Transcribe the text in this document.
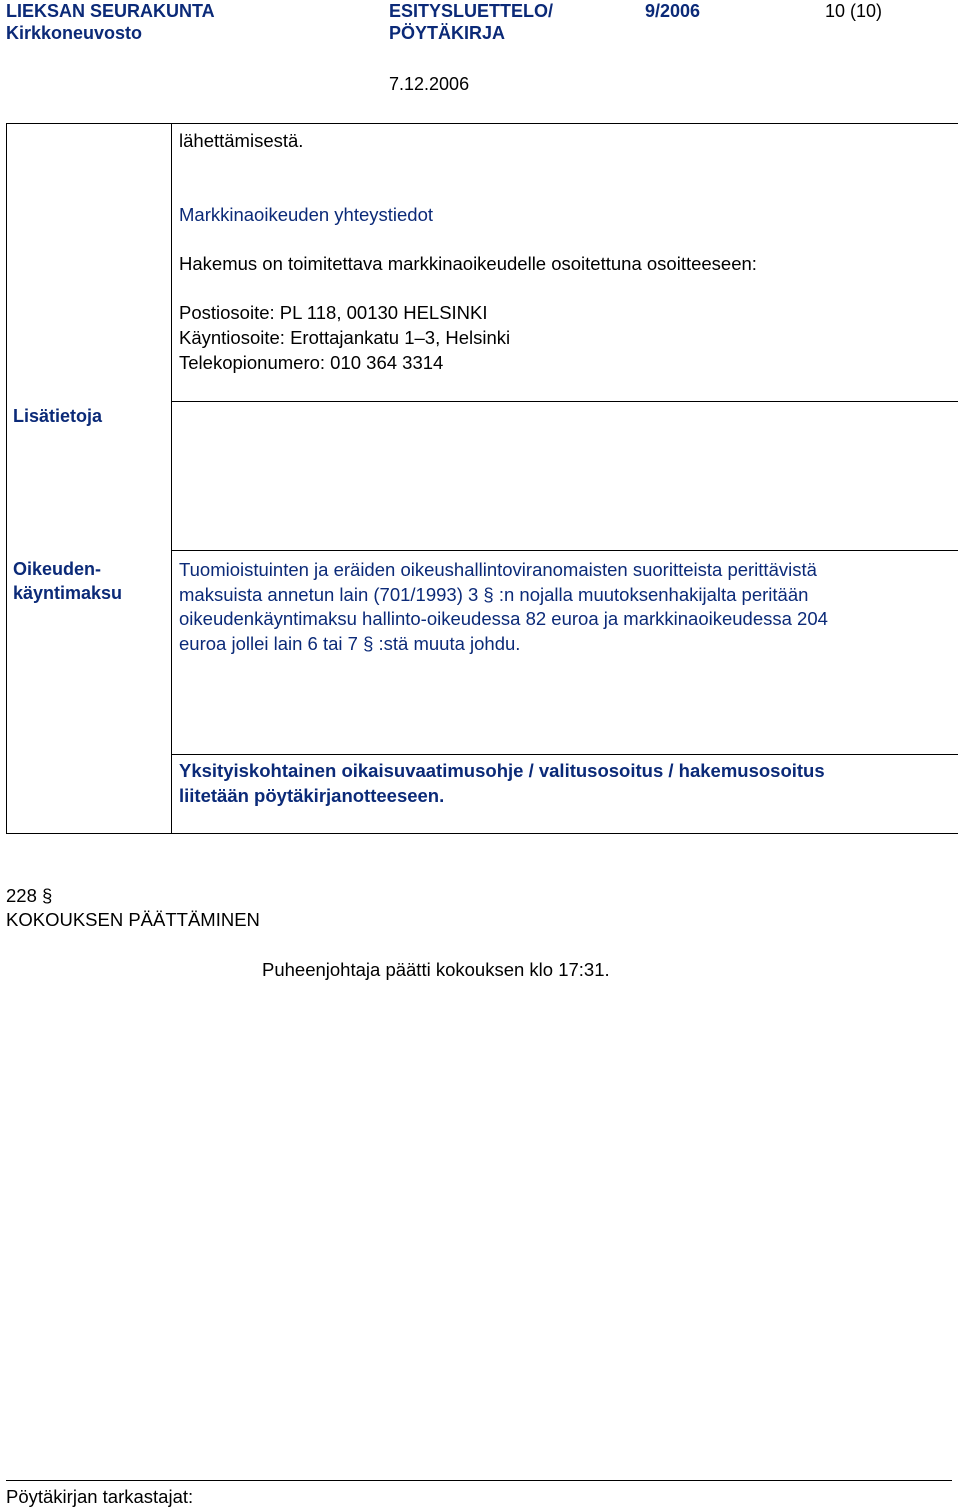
LIEKSAN SEURAKUNTA
Kirkkoneuvosto
ESITYSLUETTELO/
PÖYTÄKIRJA
9/2006	10 (10)
7.12.2006
lähettämisestä.
Markkinaoikeuden yhteystiedot
Hakemus on toimitettava markkinaoikeudelle osoitettuna osoitteeseen:
Postiosoite: PL 118, 00130 HELSINKI
Käyntiosoite: Erottajankatu 1–3, Helsinki
Telekopionumero: 010 364 3314
Lisätietoja
Oikeuden-
käyntimaksu
Tuomioistuinten ja eräiden oikeushallintoviranomaisten suoritteista perittävistä
maksuista annetun lain (701/1993) 3 § :n nojalla muutoksenhakijalta peritään
oikeudenkäyntimaksu hallinto-oikeudessa 82 euroa ja markkinaoikeudessa 204
euroa jollei lain 6 tai 7 § :stä muuta johdu.
Yksityiskohtainen oikaisuvaatimusohje / valitusosoitus / hakemusosoitus
liitetään pöytäkirjanotteeseen.
228 §
KOKOUKSEN PÄÄTTÄMINEN
Puheenjohtaja päätti kokouksen klo 17:31.
Pöytäkirjan tarkastajat:
